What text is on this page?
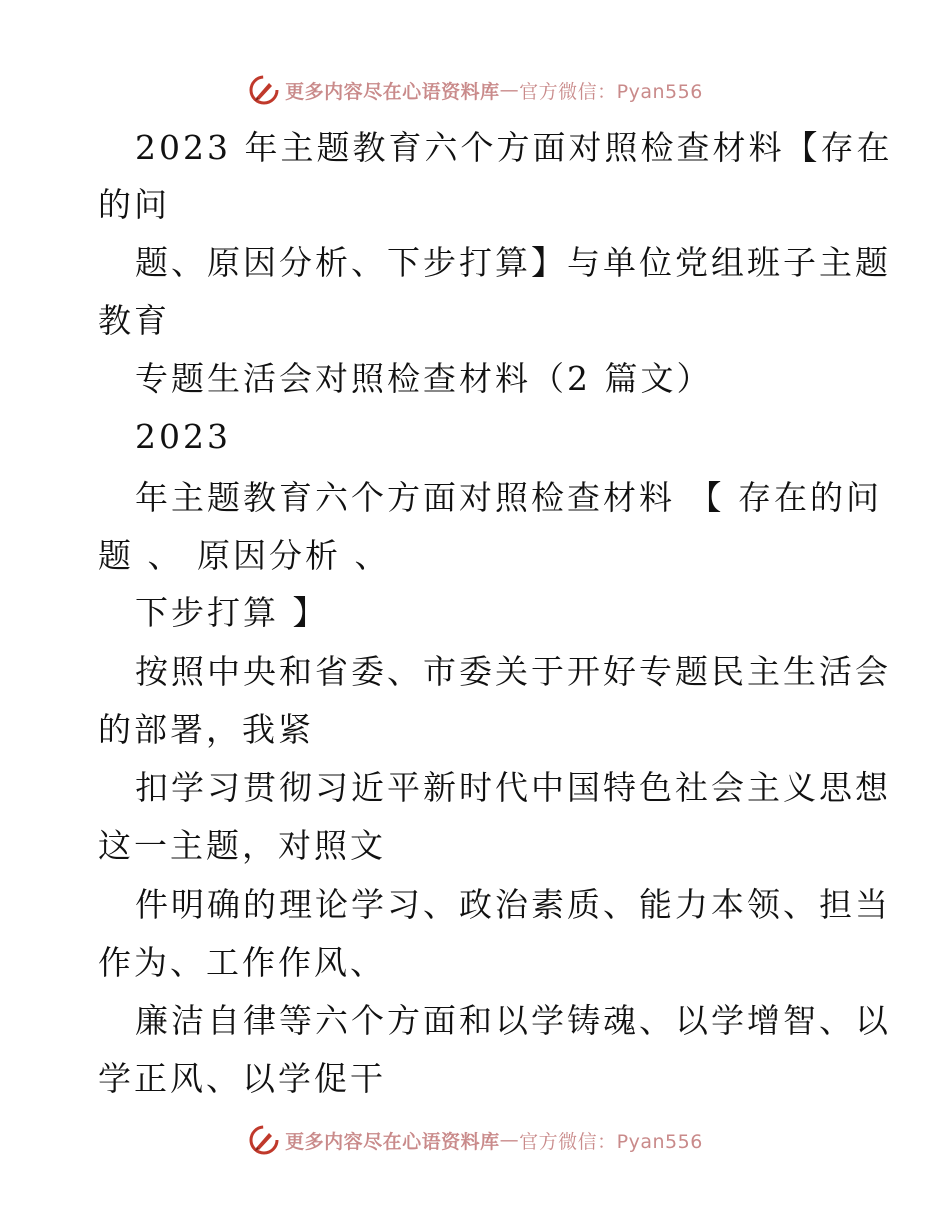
更多内容尽在心语资料库 — 官方微信：Pyan556
2023 年主题教育六个方面对照检查材料【存在
的问
题、原因分析、下步打算】与单位党组班子主题
教育
专题生活会对照检查材料（2 篇文）
2023
年主题教育六个方面对照检查材料 【 存在的问
题 、 原因分析 、
下步打算 】
按照中央和省委、市委关于开好专题民主生活会
的部署，我紧
扣学习贯彻习近平新时代中国特色社会主义思想
这一主题，对照文
件明确的理论学习、政治素质、能力本领、担当
作为、工作作风、
廉洁自律等六个方面和以学铸魂、以学增智、以
学正风、以学促干
更多内容尽在心语资料库 — 官方微信：Pyan556
